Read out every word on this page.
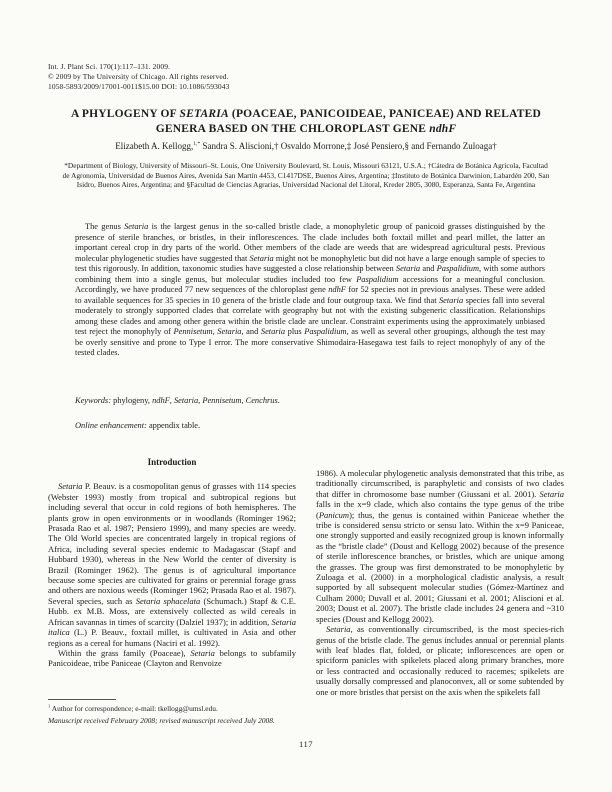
Int. J. Plant Sci. 170(1):117–131. 2009.
© 2009 by The University of Chicago. All rights reserved.
1058-5893/2009/17001-0011$15.00 DOI: 10.1086/593043
A PHYLOGENY OF SETARIA (POACEAE, PANICOIDEAE, PANICEAE) AND RELATED GENERA BASED ON THE CHLOROPLAST GENE ndhF
Elizabeth A. Kellogg,$^{1,*}$ Sandra S. Aliscioni,† Osvaldo Morrone,‡ José Pensiero,§ and Fernando Zuloaga†
*Department of Biology, University of Missouri–St. Louis, One University Boulevard, St. Louis, Missouri 63121, U.S.A.; †Cátedra de Botánica Agrícola, Facultad de Agronomía, Universidad de Buenos Aires, Avenida San Martín 4453, C1417DSE, Buenos Aires, Argentina; ‡Instituto de Botánica Darwinion, Labardén 200, San Isidro, Buenos Aires, Argentina; and §Facultad de Ciencias Agrarias, Universidad Nacional del Litoral, Kreder 2805, 3080, Esperanza, Santa Fe, Argentina

The genus Setaria is the largest genus in the so-called bristle clade, a monophyletic group of panicoid grasses distinguished by the presence of sterile branches, or bristles, in their inflorescences. The clade includes both foxtail millet and pearl millet, the latter an important cereal crop in dry parts of the world. Other members of the clade are weeds that are widespread agricultural pests. Previous molecular phylogenetic studies have suggested that Setaria might not be monophyletic but did not have a large enough sample of species to test this rigorously. In addition, taxonomic studies have suggested a close relationship between Setaria and Paspalidium, with some authors combining them into a single genus, but molecular studies included too few Paspalidium accessions for a meaningful conclusion. Accordingly, we have produced 77 new sequences of the chloroplast gene ndhF for 52 species not in previous analyses. These were added to available sequences for 35 species in 10 genera of the bristle clade and four outgroup taxa. We find that Setaria species fall into several moderately to strongly supported clades that correlate with geography but not with the existing subgeneric classification. Relationships among these clades and among other genera within the bristle clade are unclear. Constraint experiments using the approximately unbiased test reject the monophyly of Pennisetum, Setaria, and Setaria plus Paspalidium, as well as several other groupings, although the test may be overly sensitive and prone to Type I error. The more conservative Shimodaira-Hasegawa test fails to reject monophyly of any of the tested clades.

Keywords: phylogeny, ndhF, Setaria, Pennisetum, Cenchrus.

Online enhancement: appendix table.

Introduction

Setaria P. Beauv. is a cosmopolitan genus of grasses with 114 species (Webster 1993) mostly from tropical and subtropical regions but including several that occur in cold regions of both hemispheres. The plants grow in open environments or in woodlands (Rominger 1962; Prasada Rao et al. 1987; Pensiero 1999), and many species are weedy. The Old World species are concentrated largely in tropical regions of Africa, including several species endemic to Madagascar (Stapf and Hubbard 1930), whereas in the New World the center of diversity is Brazil (Rominger 1962). The genus is of agricultural importance because some species are cultivated for grains or perennial forage grass and others are noxious weeds (Rominger 1962; Prasada Rao et al. 1987). Several species, such as Setaria sphacelata (Schumach.) Stapf & C.E. Hubb. ex M.B. Moss, are extensively collected as wild cereals in African savannas in times of scarcity (Dalziel 1937); in addition, Setaria italica (L.) P. Beauv., foxtail millet, is cultivated in Asia and other regions as a cereal for humans (Naciri et al. 1992).

Within the grass family (Poaceae), Setaria belongs to subfamily Panicoideae, tribe Paniceae (Clayton and Renvoize

1986). A molecular phylogenetic analysis demonstrated that this tribe, as traditionally circumscribed, is paraphyletic and consists of two clades that differ in chromosome base number (Giussani et al. 2001). Setaria falls in the x=9 clade, which also contains the type genus of the tribe (Panicum); thus, the genus is contained within Paniceae whether the tribe is considered sensu stricto or sensu lato. Within the x=9 Paniceae, one strongly supported and easily recognized group is known informally as the “bristle clade” (Doust and Kellogg 2002) because of the presence of sterile inflorescence branches, or bristles, which are unique among the grasses. The group was first demonstrated to be monophyletic by Zuloaga et al. (2000) in a morphological cladistic analysis, a result supported by all subsequent molecular studies (Gómez-Martínez and Culham 2000; Duvall et al. 2001; Giussani et al. 2001; Aliscioni et al. 2003; Doust et al. 2007). The bristle clade includes 24 genera and ~310 species (Doust and Kellogg 2002).

Setaria, as conventionally circumscribed, is the most species-rich genus of the bristle clade. The genus includes annual or perennial plants with leaf blades flat, folded, or plicate; inflorescences are open or spiciform panicles with spikelets placed along primary branches, more or less contracted and occasionally reduced to racemes; spikelets are usually dorsally compressed and planoconvex, all or some subtended by one or more bristles that persist on the axis when the spikelets fall

$^1$ Author for correspondence; e-mail: tkellogg@umsl.edu.
Manuscript received February 2008; revised manuscript received July 2008.
117
